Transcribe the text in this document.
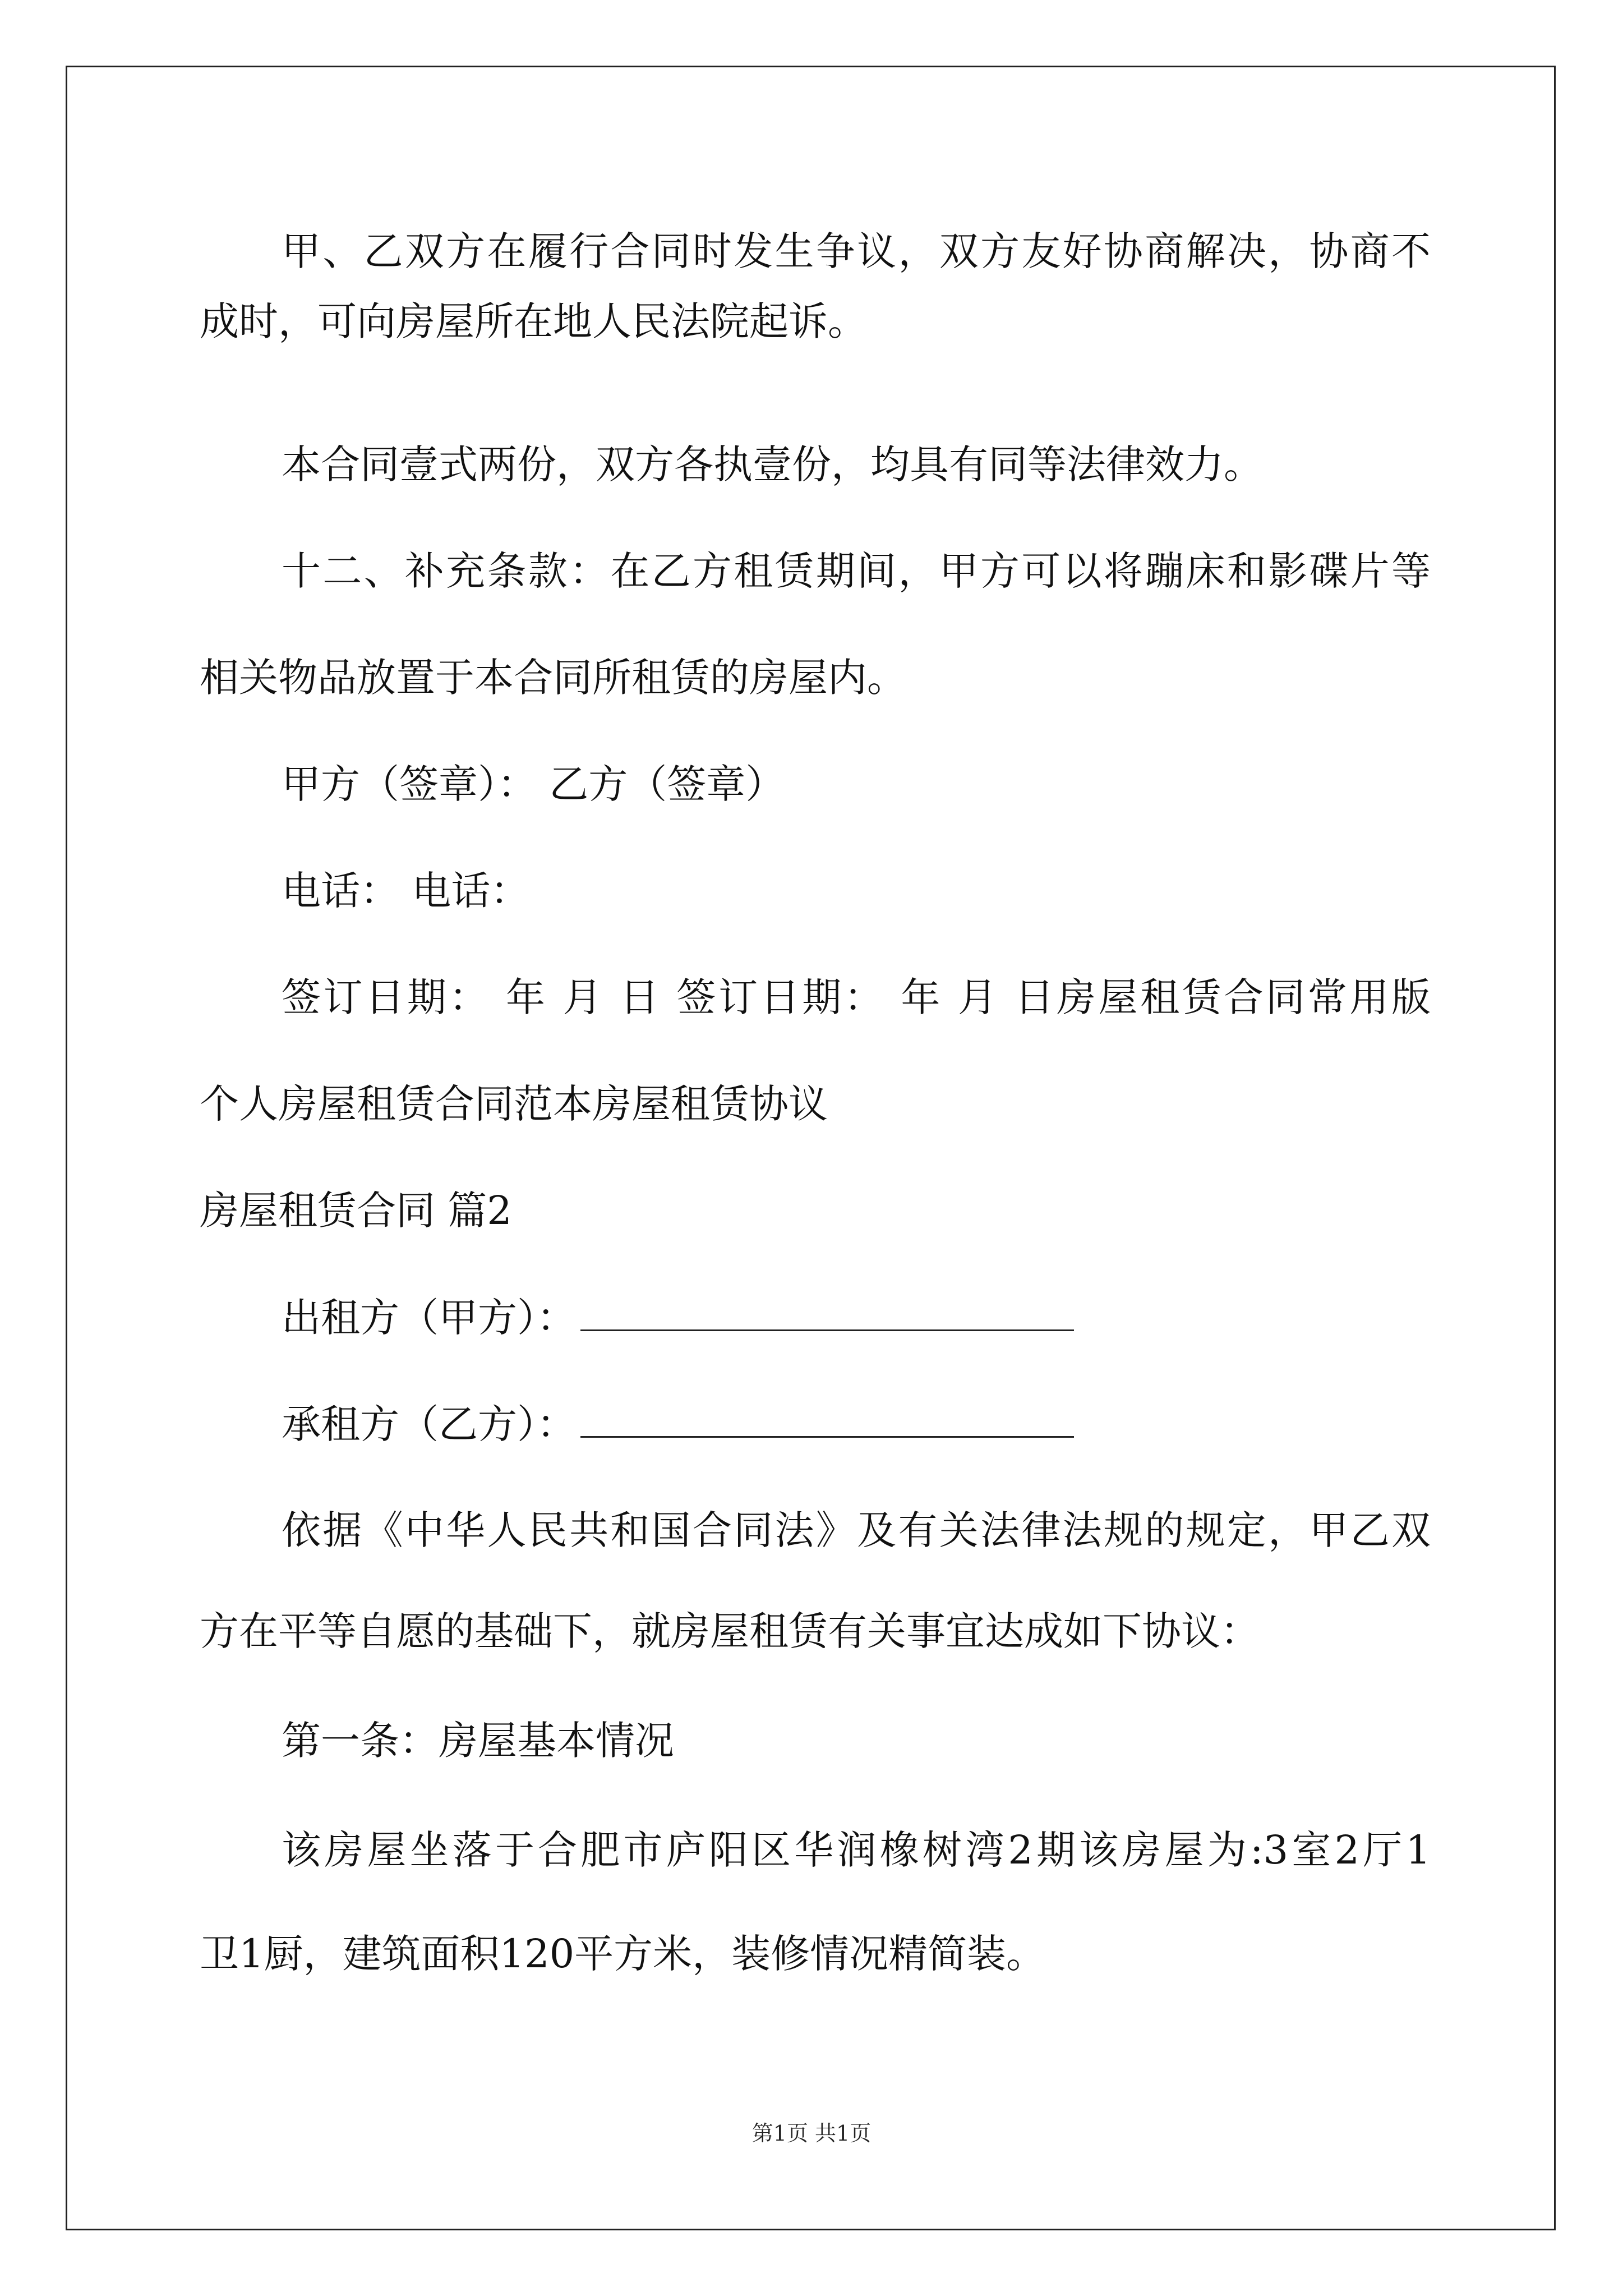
甲、乙双方在履行合同时发生争议，双方友好协商解决，协商不
成时，可向房屋所在地人民法院起诉。
本合同壹式两份，双方各执壹份，均具有同等法律效力。
十二、补充条款：在乙方租赁期间，甲方可以将蹦床和影碟片等
相关物品放置于本合同所租赁的房屋内。
甲方（签章）： 乙方（签章）
电话： 电话：
签订日期： 年 月 日 签订日期： 年 月 日房屋租赁合同常用版
个人房屋租赁合同范本房屋租赁协议
房屋租赁合同 篇2
出租方（甲方）：
承租方（乙方）：
依据《中华人民共和国合同法》及有关法律法规的规定，甲乙双
方在平等自愿的基础下，就房屋租赁有关事宜达成如下协议：
第一条：房屋基本情况
该房屋坐落于合肥市庐阳区华润橡树湾2期该房屋为:3室2厅1
卫1厨，建筑面积120平方米，装修情况精简装。
第1页 共1页
